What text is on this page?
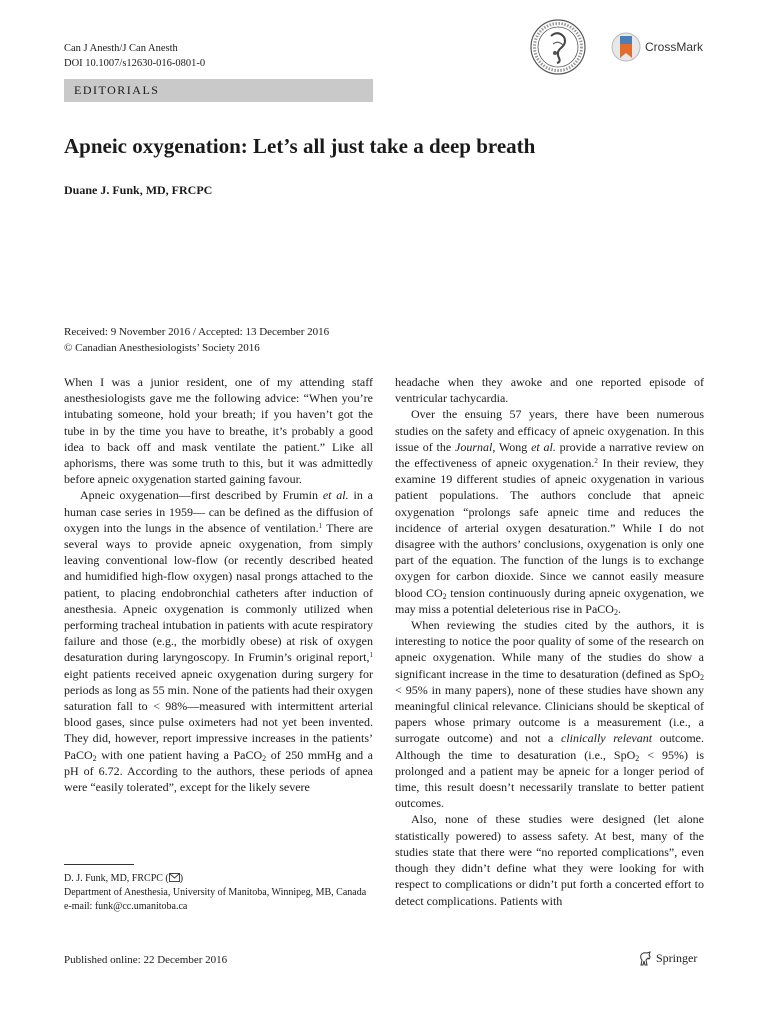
Can J Anesth/J Can Anesth
DOI 10.1007/s12630-016-0801-0
CrossMark
EDITORIALS
Apneic oxygenation: Let’s all just take a deep breath
Duane J. Funk, MD, FRCPC
Received: 9 November 2016 / Accepted: 13 December 2016
© Canadian Anesthesiologists’ Society 2016

When I was a junior resident, one of my attending staff anesthesiologists gave me the following advice: “When you’re intubating someone, hold your breath; if you haven’t got the tube in by the time you have to breathe, it’s probably a good idea to back off and mask ventilate the patient.” Like all aphorisms, there was some truth to this, but it was admittedly before apneic oxygenation started gaining favour.

Apneic oxygenation—first described by Frumin et al. in a human case series in 1959— can be defined as the diffusion of oxygen into the lungs in the absence of ventilation.$^1$ There are several ways to provide apneic oxygenation, from simply leaving conventional low-flow (or recently described heated and humidified high-flow oxygen) nasal prongs attached to the patient, to placing endobronchial catheters after induction of anesthesia. Apneic oxygenation is commonly utilized when performing tracheal intubation in patients with acute respiratory failure and those (e.g., the morbidly obese) at risk of oxygen desaturation during laryngoscopy. In Frumin’s original report,$^1$ eight patients received apneic oxygenation during surgery for periods as long as 55 min. None of the patients had their oxygen saturation fall to < 98%—measured with intermittent arterial blood gases, since pulse oximeters had not yet been invented. They did, however, report impressive increases in the patients’ PaCO$_2$ with one patient having a PaCO$_2$ of 250 mmHg and a pH of 6.72. According to the authors, these periods of apnea were “easily tolerated”, except for the likely severe

headache when they awoke and one reported episode of ventricular tachycardia.

Over the ensuing 57 years, there have been numerous studies on the safety and efficacy of apneic oxygenation. In this issue of the Journal, Wong et al. provide a narrative review on the effectiveness of apneic oxygenation.$^2$ In their review, they examine 19 different studies of apneic oxygenation in various patient populations. The authors conclude that apneic oxygenation “prolongs safe apneic time and reduces the incidence of arterial oxygen desaturation.” While I do not disagree with the authors’ conclusions, oxygenation is only one part of the equation. The function of the lungs is to exchange oxygen for carbon dioxide. Since we cannot easily measure blood $CO_2$ tension continuously during apneic oxygenation, we may miss a potential deleterious rise in PaCO$_2$.

When reviewing the studies cited by the authors, it is interesting to notice the poor quality of some of the research on apneic oxygenation. While many of the studies do show a significant increase in the time to desaturation (defined as SpO$_2$ < 95% in many papers), none of these studies have shown any meaningful clinical relevance. Clinicians should be skeptical of papers whose primary outcome is a measurement (i.e., a surrogate outcome) and not a clinically relevant outcome. Although the time to desaturation (i.e., SpO$_2$ < 95%) is prolonged and a patient may be apneic for a longer period of time, this result doesn’t necessarily translate to better patient outcomes.

Also, none of these studies were designed (let alone statistically powered) to assess safety. At best, many of the studies state that there were “no reported complications”, even though they didn’t define what they were looking for with respect to complications or didn’t put forth a concerted effort to detect complications. Patients with

D. J. Funk, MD, FRCPC ( )
Department of Anesthesia, University of Manitoba, Winnipeg, MB, Canada
e-mail: funk@cc.umanitoba.ca
Published online: 22 December 2016	Springer
